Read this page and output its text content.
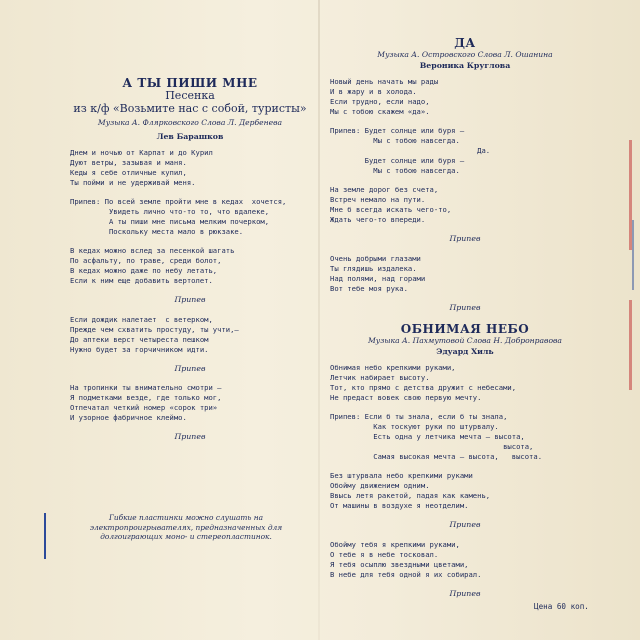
А ТЫ ПИШИ МНЕ
Песенка
из к/ф «Возьмите нас с собой, туристы»
Музыка А. Флярковского Слова Л. Дербенева
Лев Барашков
Днем и ночью от Карпат и до Курил
Дуют ветры, зазывая и маня.
Кеды я себе отличные купил,
Ты пойми и не удерживай меня.
Припев: По всей земле пройти мне в кедах  хочется,
Увидеть лично что-то то, что вдалеке,
А ты пиши мне письма мелким почерком,
Поскольку места мало в рюкзаке.
В кедах можно вслед за песенкой шагать
По асфальту, по траве, среди болот,
В кедах можно даже по небу летать,
Если к ним еще добавить вертолет.
Припев
Если дождик налетает  с ветерком,
Прежде чем схватить простуду, ты учти,—
До аптеки верст четыреста пешком
Нужно будет за горчичником идти.
Припев
На тропинки ты внимательно смотри —
Я подметками везде, где только мог,
Отпечатал четкий номер «сорок три»
И узорное фабричное клеймо.
Припев
Гибкие пластинки можно слушать на электропроигрывателях, предназначенных для долгоиграющих моно- и стереопластинок.
ДА
Музыка А. Островского Слова Л. Ошанина
Вероника Круглова
Новый день начать мы рады
И в жару и в холода.
Если трудно, если надо,
Мы с тобою скажем «да».
Припев: Будет солнце или буря —
Мы с тобою навсегда.
Да.
Будет солнце или буря —
Мы с тобою навсегда.
На земле дорог без счета,
Встреч немало на пути.
Мне б всегда искать чего-то,
Ждать чего-то впереди.
Припев
Очень добрыми глазами
Ты глядишь издалека.
Над полями, над горами
Вот тебе моя рука.
Припев
ОБНИМАЯ НЕБО
Музыка А. Пахмутовой Слова Н. Добронравова
Эдуард Хиль
Обнимая небо крепкими руками,
Летчик набирает высоту.
Тот, кто прямо с детства дружит с небесами,
Не предаст вовек свою первую мечту.
Припев: Если б ты знала, если б ты знала,
Как тоскуют руки по штурвалу.
Есть одна у летчика мечта — высота,
высота,
Самая высокая мечта — высота,   высота.
Без штурвала небо крепкими руками
Обойму движением одним.
Ввысь летя ракетой, падая как камень,
От машины в воздухе я неотделим.
Припев
Обойму тебя я крепкими руками,
О тебе я в небе тосковал.
Я тебя осыплю звездными цветами,
В небе для тебя одной я их собирал.
Припев
Цена 60 коп.
